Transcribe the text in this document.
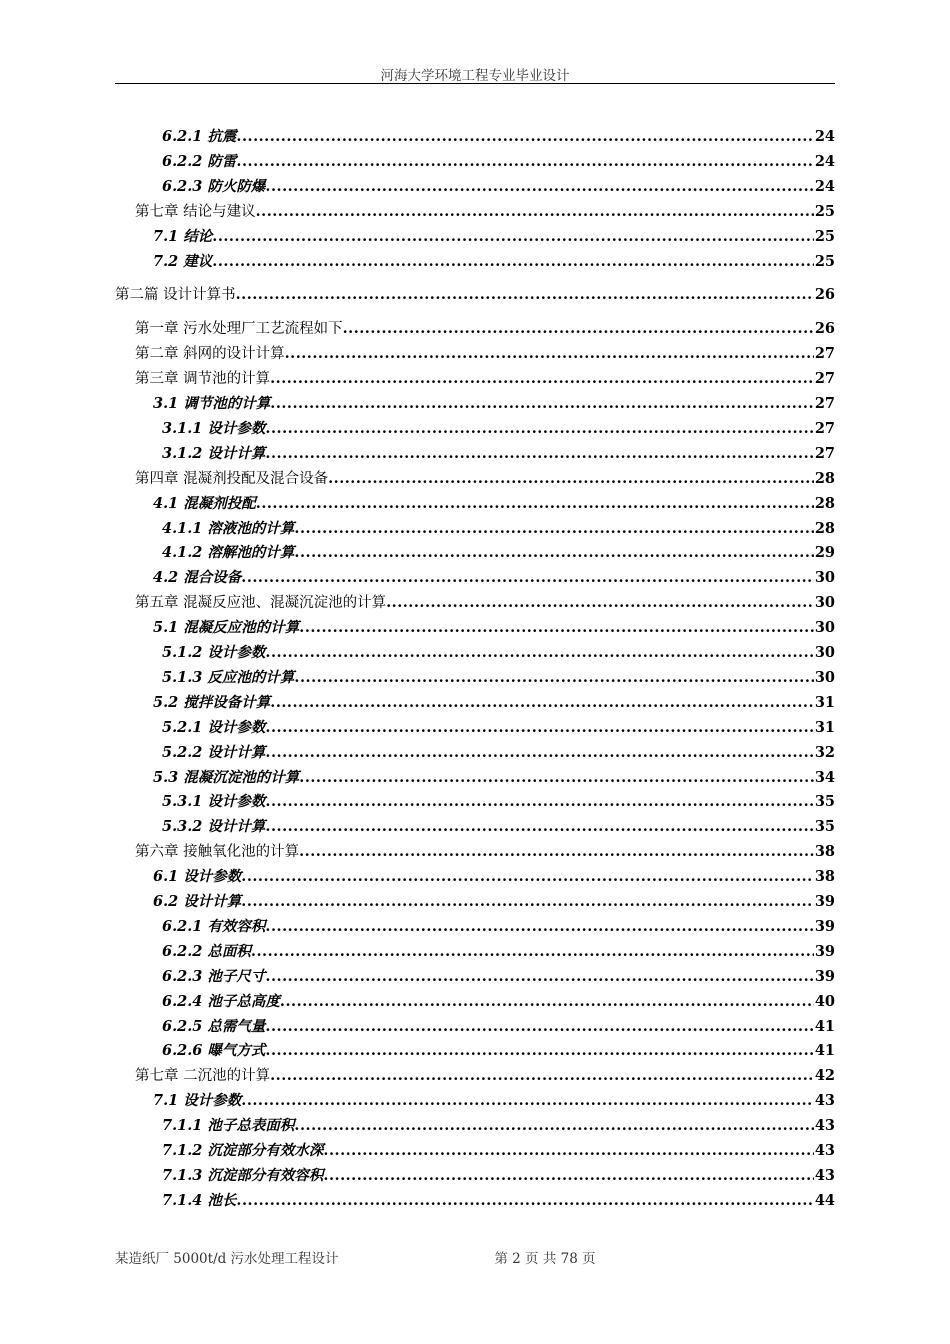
河海大学环境工程专业毕业设计
6.2.1 抗震 .....	24
6.2.2 防雷 .....	24
6.2.3 防火防爆 .....	24
第七章 结论与建议 .....	25
7.1 结论 .....	25
7.2 建议 .....	25
第二篇 设计计算书 .....	26
第一章 污水处理厂工艺流程如下 .....	26
第二章 斜网的设计计算 .....	27
第三章 调节池的计算 .....	27
3.1 调节池的计算 .....	27
3.1.1 设计参数 .....	27
3.1.2 设计计算 .....	27
第四章 混凝剂投配及混合设备 .....	28
4.1 混凝剂投配 .....	28
4.1.1 溶液池的计算 .....	28
4.1.2 溶解池的计算 .....	29
4.2 混合设备 .....	30
第五章 混凝反应池、混凝沉淀池的计算 .....	30
5.1 混凝反应池的计算 .....	30
5.1.2 设计参数 .....	30
5.1.3 反应池的计算 .....	30
5.2 搅拌设备计算 .....	31
5.2.1 设计参数 .....	31
5.2.2 设计计算 .....	32
5.3 混凝沉淀池的计算 .....	34
5.3.1 设计参数 .....	35
5.3.2 设计计算 .....	35
第六章 接触氧化池的计算 .....	38
6.1 设计参数 .....	38
6.2 设计计算 .....	39
6.2.1 有效容积 .....	39
6.2.2 总面积 .....	39
6.2.3 池子尺寸 .....	39
6.2.4 池子总高度 .....	40
6.2.5 总需气量 .....	41
6.2.6 曝气方式 .....	41
第七章 二沉池的计算 .....	42
7.1 设计参数 .....	43
7.1.1 池子总表面积 .....	43
7.1.2 沉淀部分有效水深 .....	43
7.1.3 沉淀部分有效容积 .....	43
7.1.4 池长 .....	44
某造纸厂 5000t/d 污水处理工程设计	第 2 页 共 78 页
